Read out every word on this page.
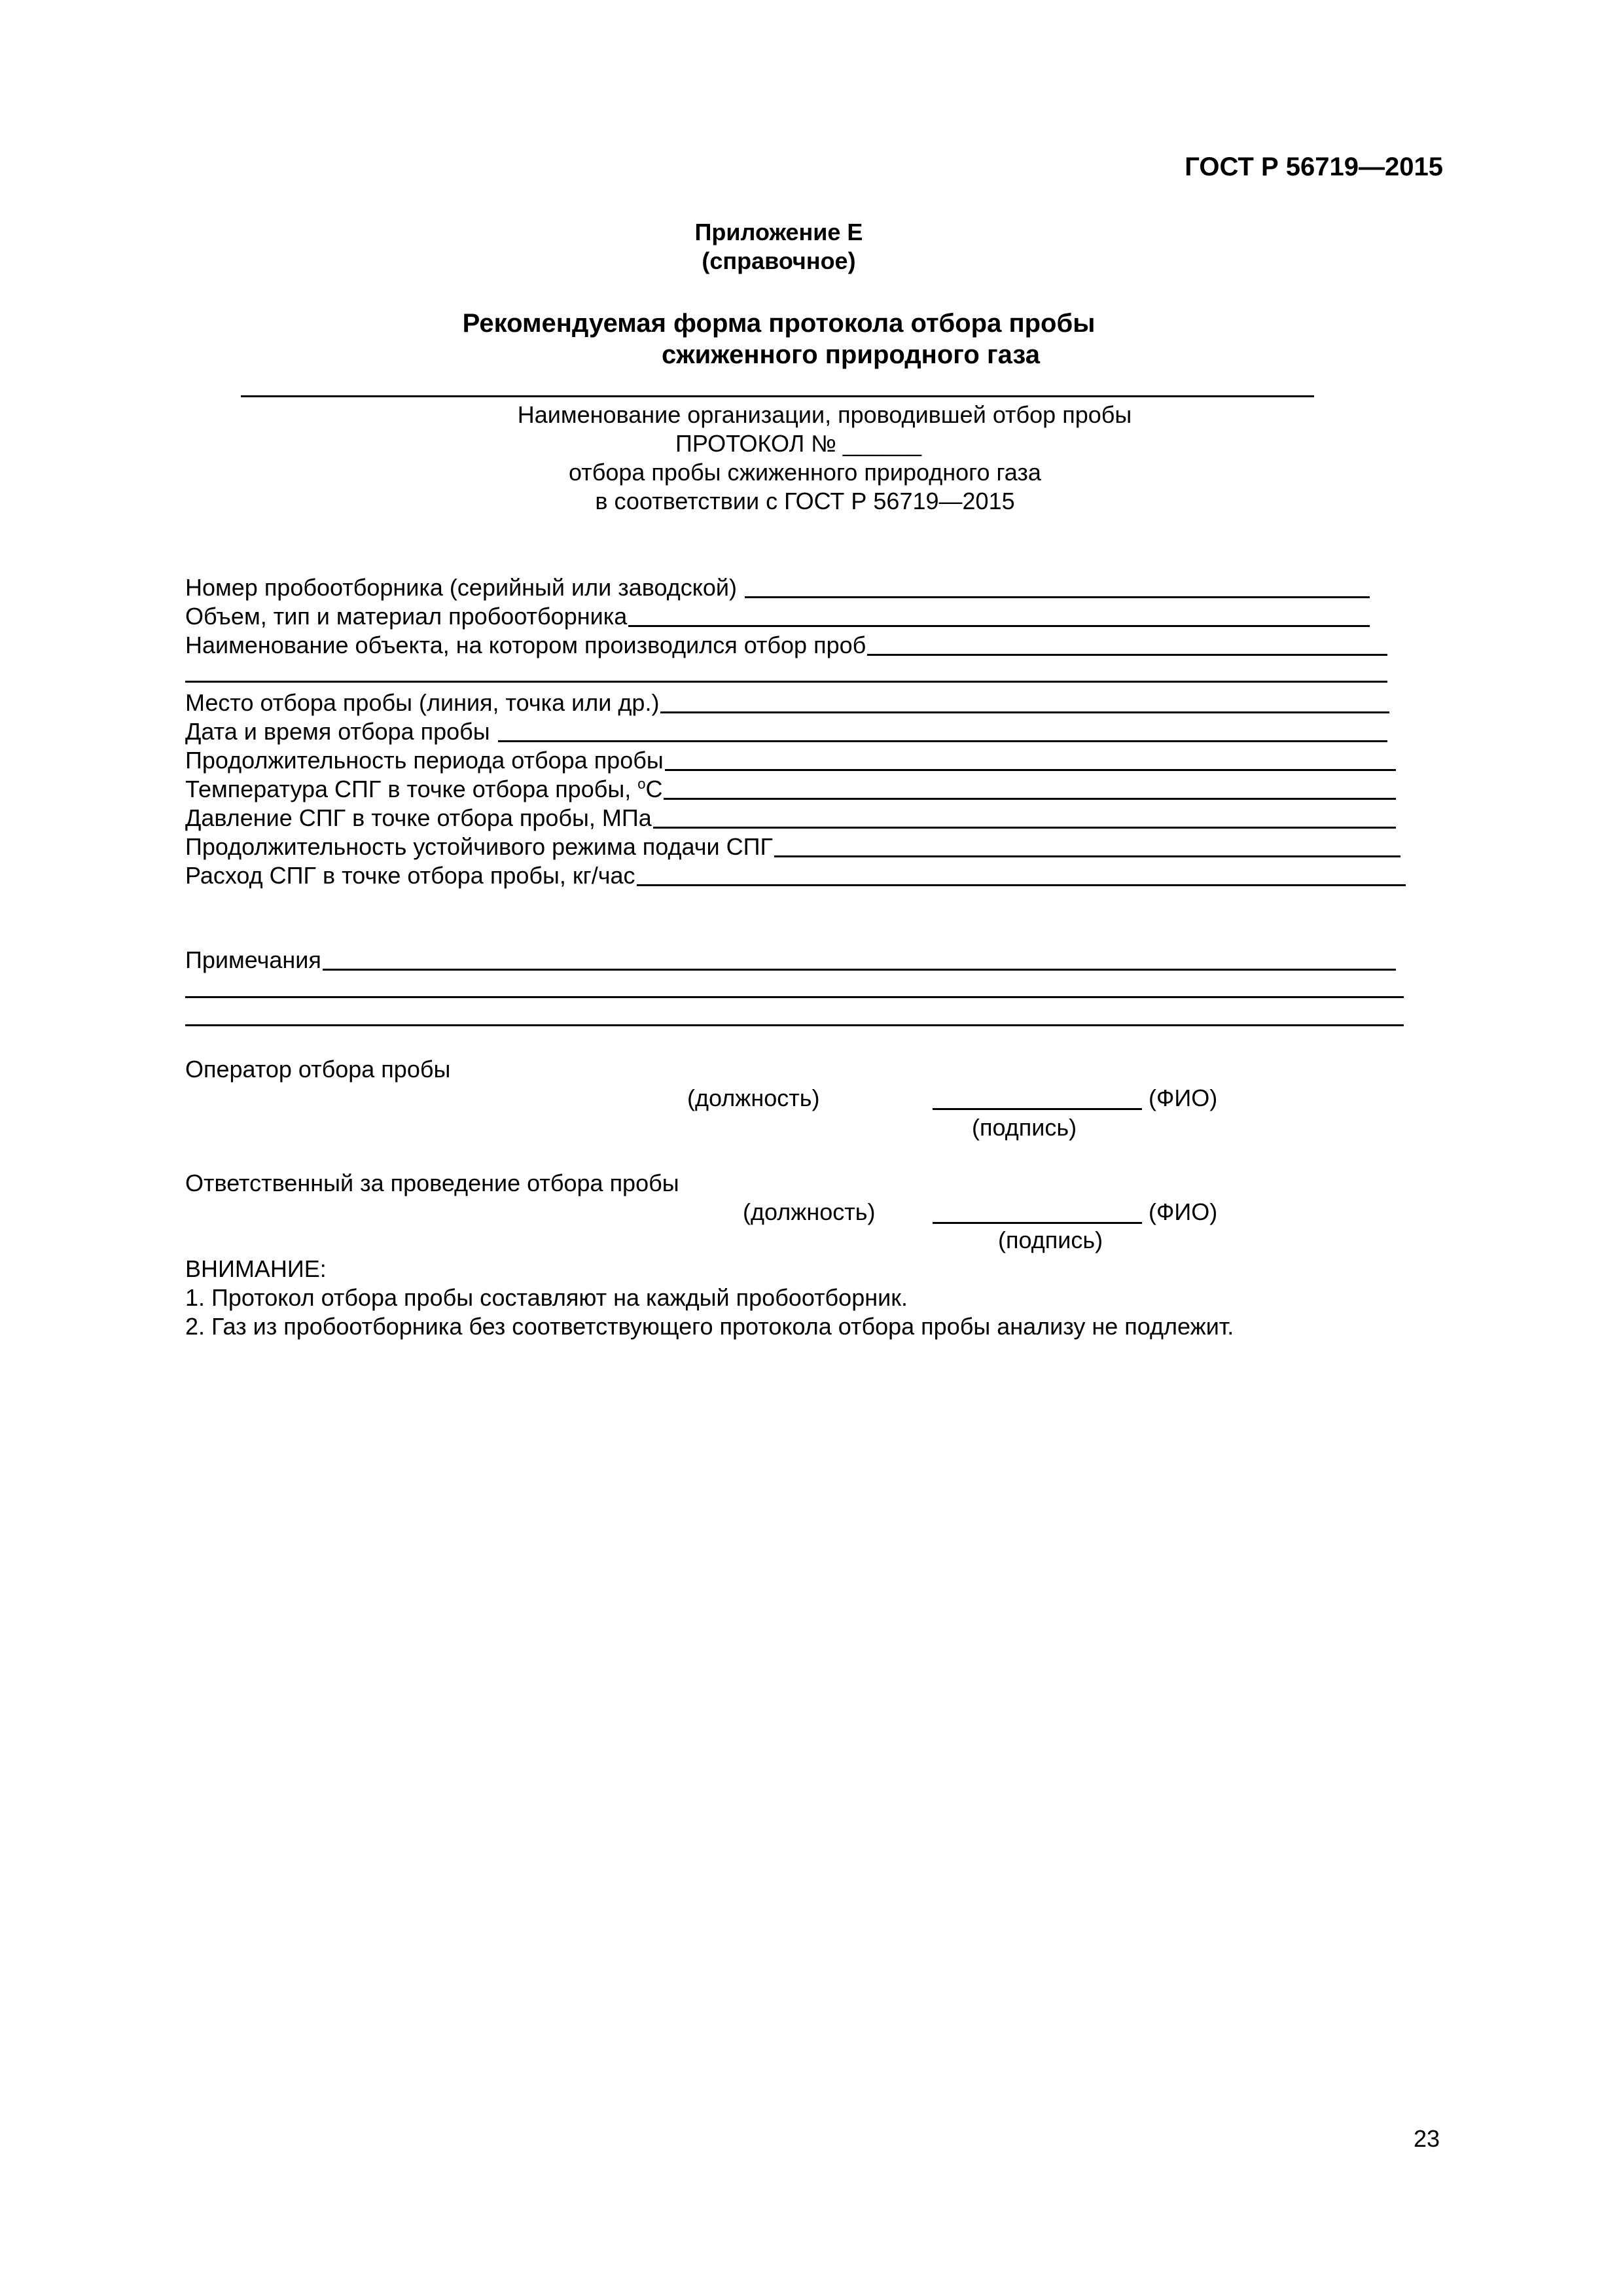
ГОСТ Р 56719—2015
Приложение Е
(справочное)
Рекомендуемая форма протокола отбора пробы
сжиженного природного газа
Наименование организации, проводившей отбор пробы
ПРОТОКОЛ № ______
отбора пробы сжиженного природного газа
в соответствии с ГОСТ Р 56719—2015
Номер пробоотборника (серийный или заводской)
Объем, тип и материал пробоотборника
Наименование объекта, на котором производился отбор проб
Место отбора пробы (линия, точка или др.)
Дата и время отбора пробы
Продолжительность периода отбора пробы
Температура СПГ в точке отбора пробы, $^o$C
Давление СПГ в точке отбора пробы, МПа
Продолжительность устойчивого режима подачи СПГ
Расход СПГ в точке отбора пробы, кг/час
Примечания
Оператор отбора пробы
(должность)	(ФИО)
(подпись)
Ответственный за проведение отбора пробы
(должность)	(ФИО)
(подпись)
ВНИМАНИЕ:
1. Протокол отбора пробы составляют на каждый пробоотборник.
2. Газ из пробоотборника без соответствующего протокола отбора пробы анализу не подлежит.
23
